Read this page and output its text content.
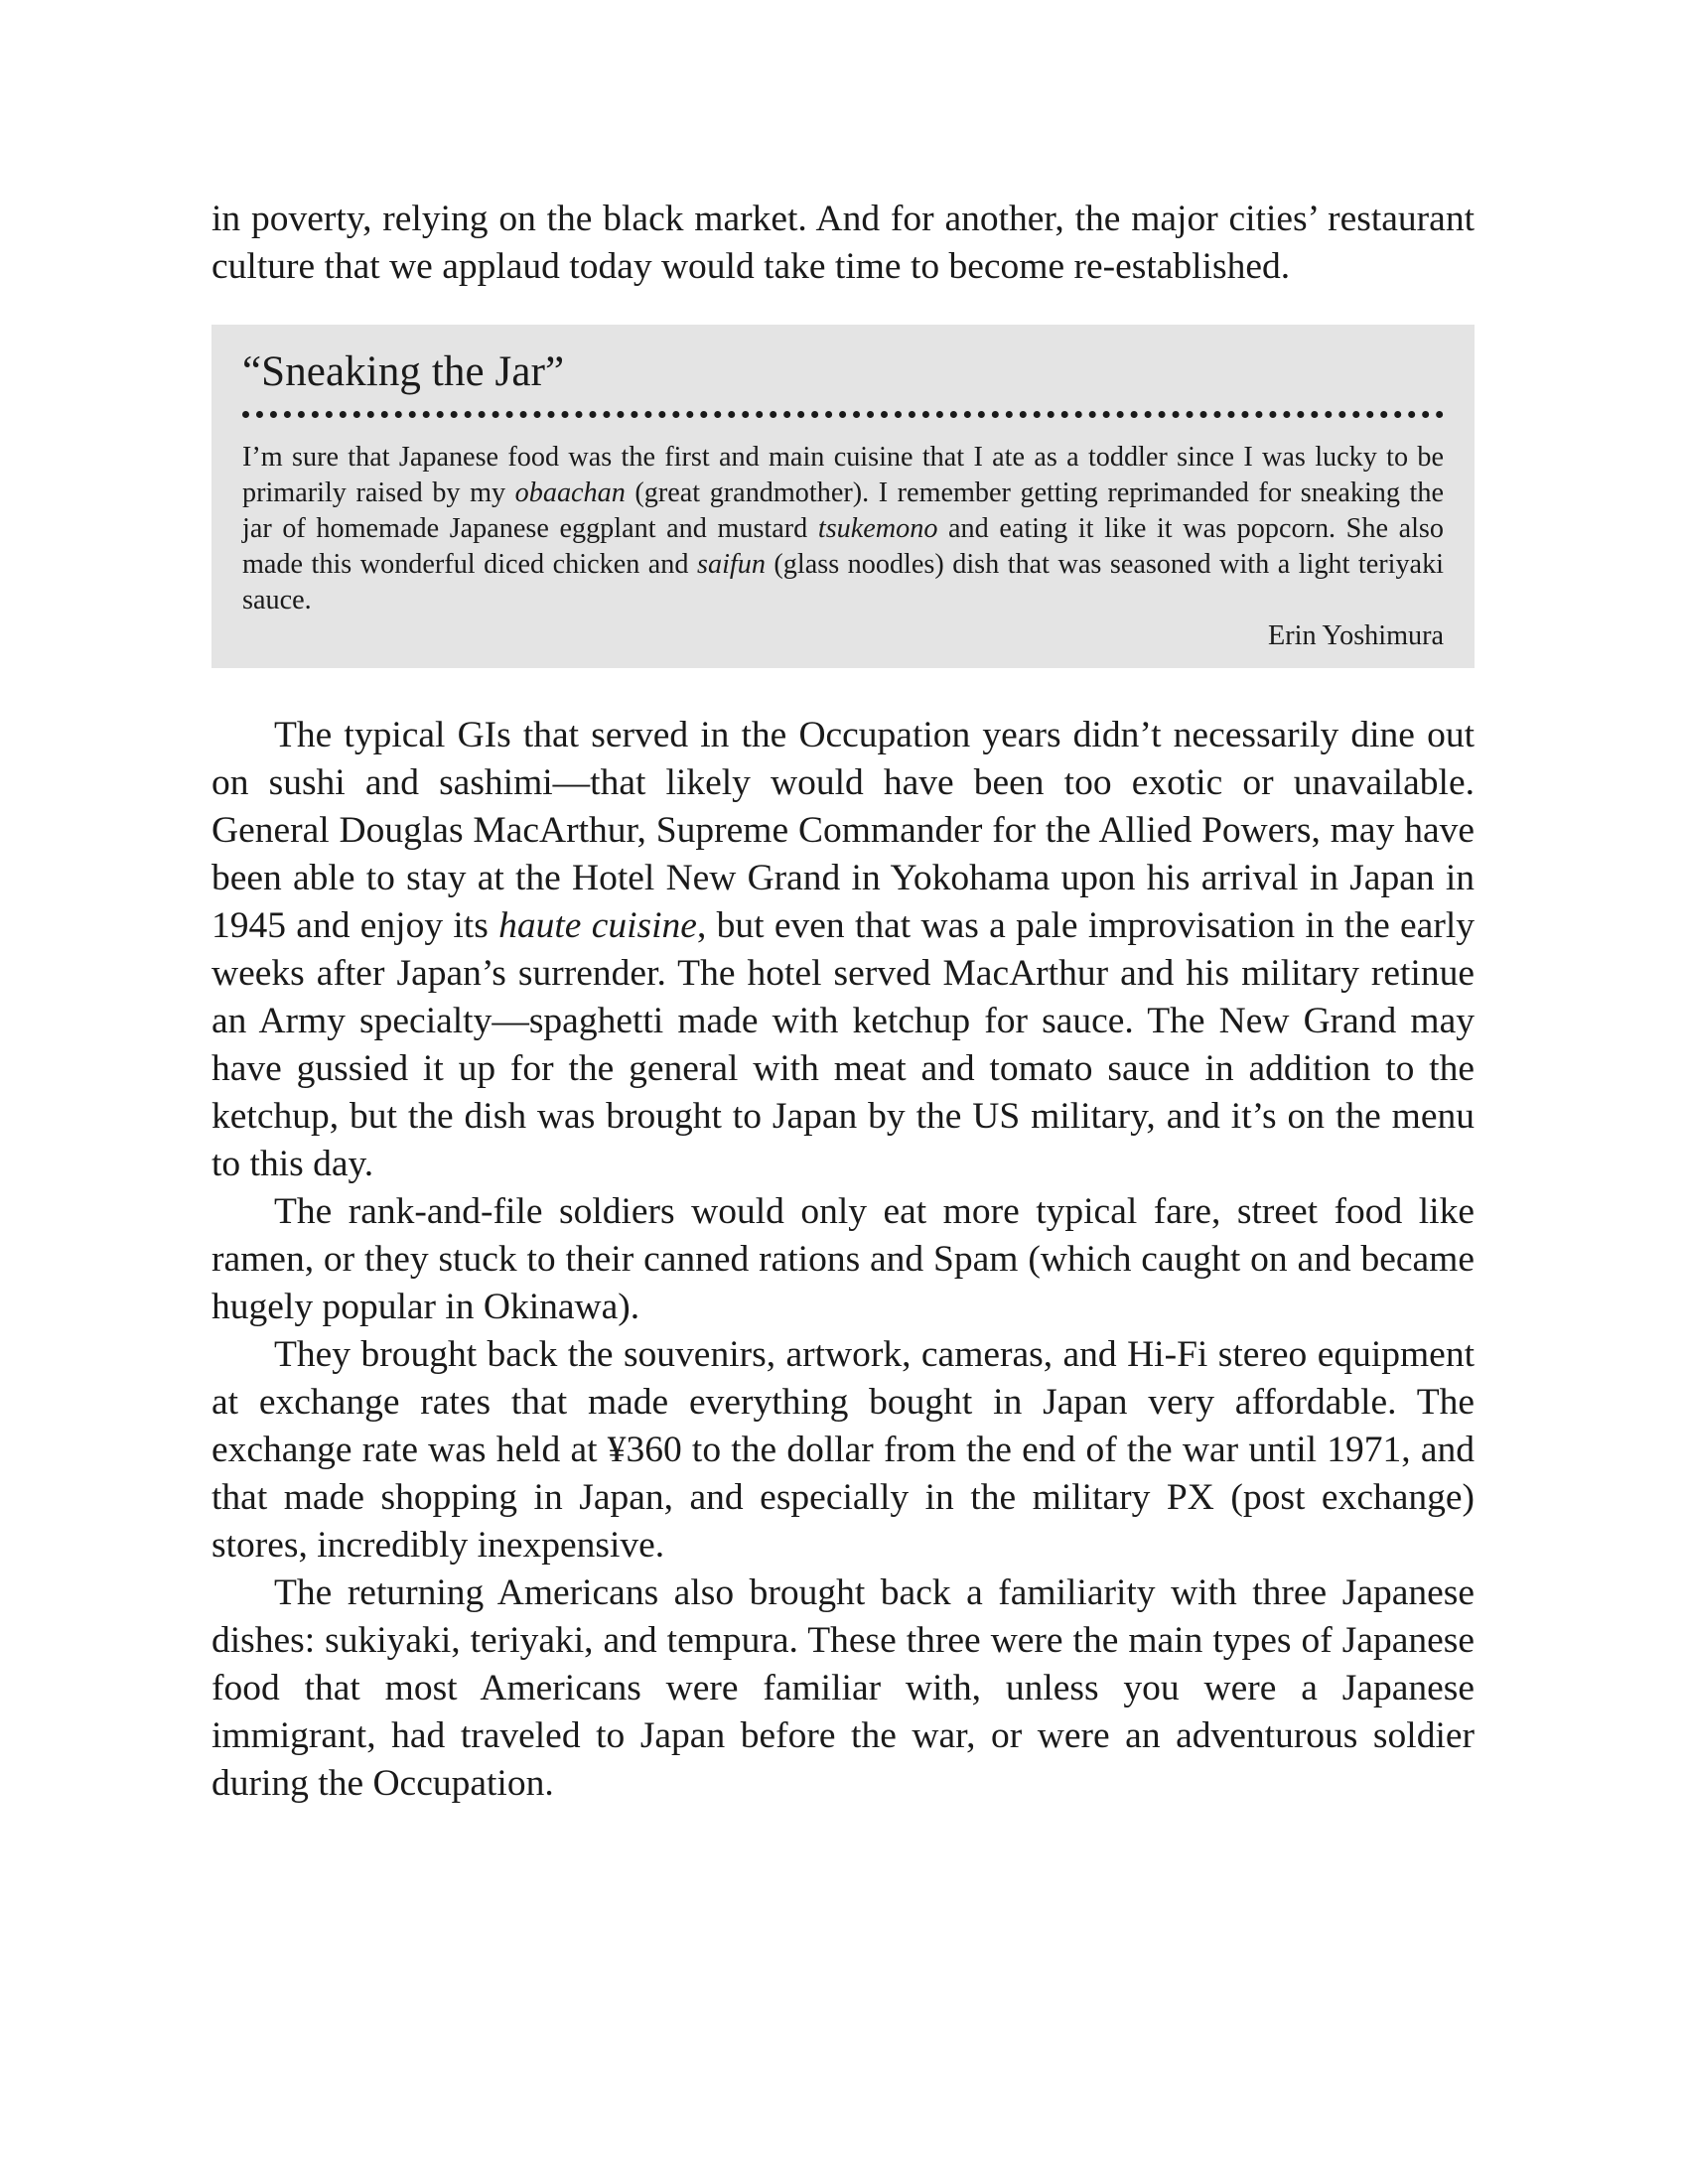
in poverty, relying on the black market. And for another, the major cities’ restaurant culture that we applaud today would take time to become re-established.

“Sneaking the Jar”

I’m sure that Japanese food was the first and main cuisine that I ate as a toddler since I was lucky to be primarily raised by my obaachan (great grandmother). I remember getting reprimanded for sneaking the jar of homemade Japanese eggplant and mustard tsukemono and eating it like it was popcorn. She also made this wonderful diced chicken and saifun (glass noodles) dish that was seasoned with a light teriyaki sauce.

Erin Yoshimura

The typical GIs that served in the Occupation years didn’t necessarily dine out on sushi and sashimi—that likely would have been too exotic or unavailable. General Douglas MacArthur, Supreme Commander for the Allied Powers, may have been able to stay at the Hotel New Grand in Yokohama upon his arrival in Japan in 1945 and enjoy its haute cuisine, but even that was a pale improvisation in the early weeks after Japan’s surrender. The hotel served MacArthur and his military retinue an Army specialty—spaghetti made with ketchup for sauce. The New Grand may have gussied it up for the general with meat and tomato sauce in addition to the ketchup, but the dish was brought to Japan by the US military, and it’s on the menu to this day.

The rank-and-file soldiers would only eat more typical fare, street food like ramen, or they stuck to their canned rations and Spam (which caught on and became hugely popular in Okinawa).

They brought back the souvenirs, artwork, cameras, and Hi-Fi stereo equipment at exchange rates that made everything bought in Japan very affordable. The exchange rate was held at ¥360 to the dollar from the end of the war until 1971, and that made shopping in Japan, and especially in the military PX (post exchange) stores, incredibly inexpensive.

The returning Americans also brought back a familiarity with three Japanese dishes: sukiyaki, teriyaki, and tempura. These three were the main types of Japanese food that most Americans were familiar with, unless you were a Japanese immigrant, had traveled to Japan before the war, or were an adventurous soldier during the Occupation.
